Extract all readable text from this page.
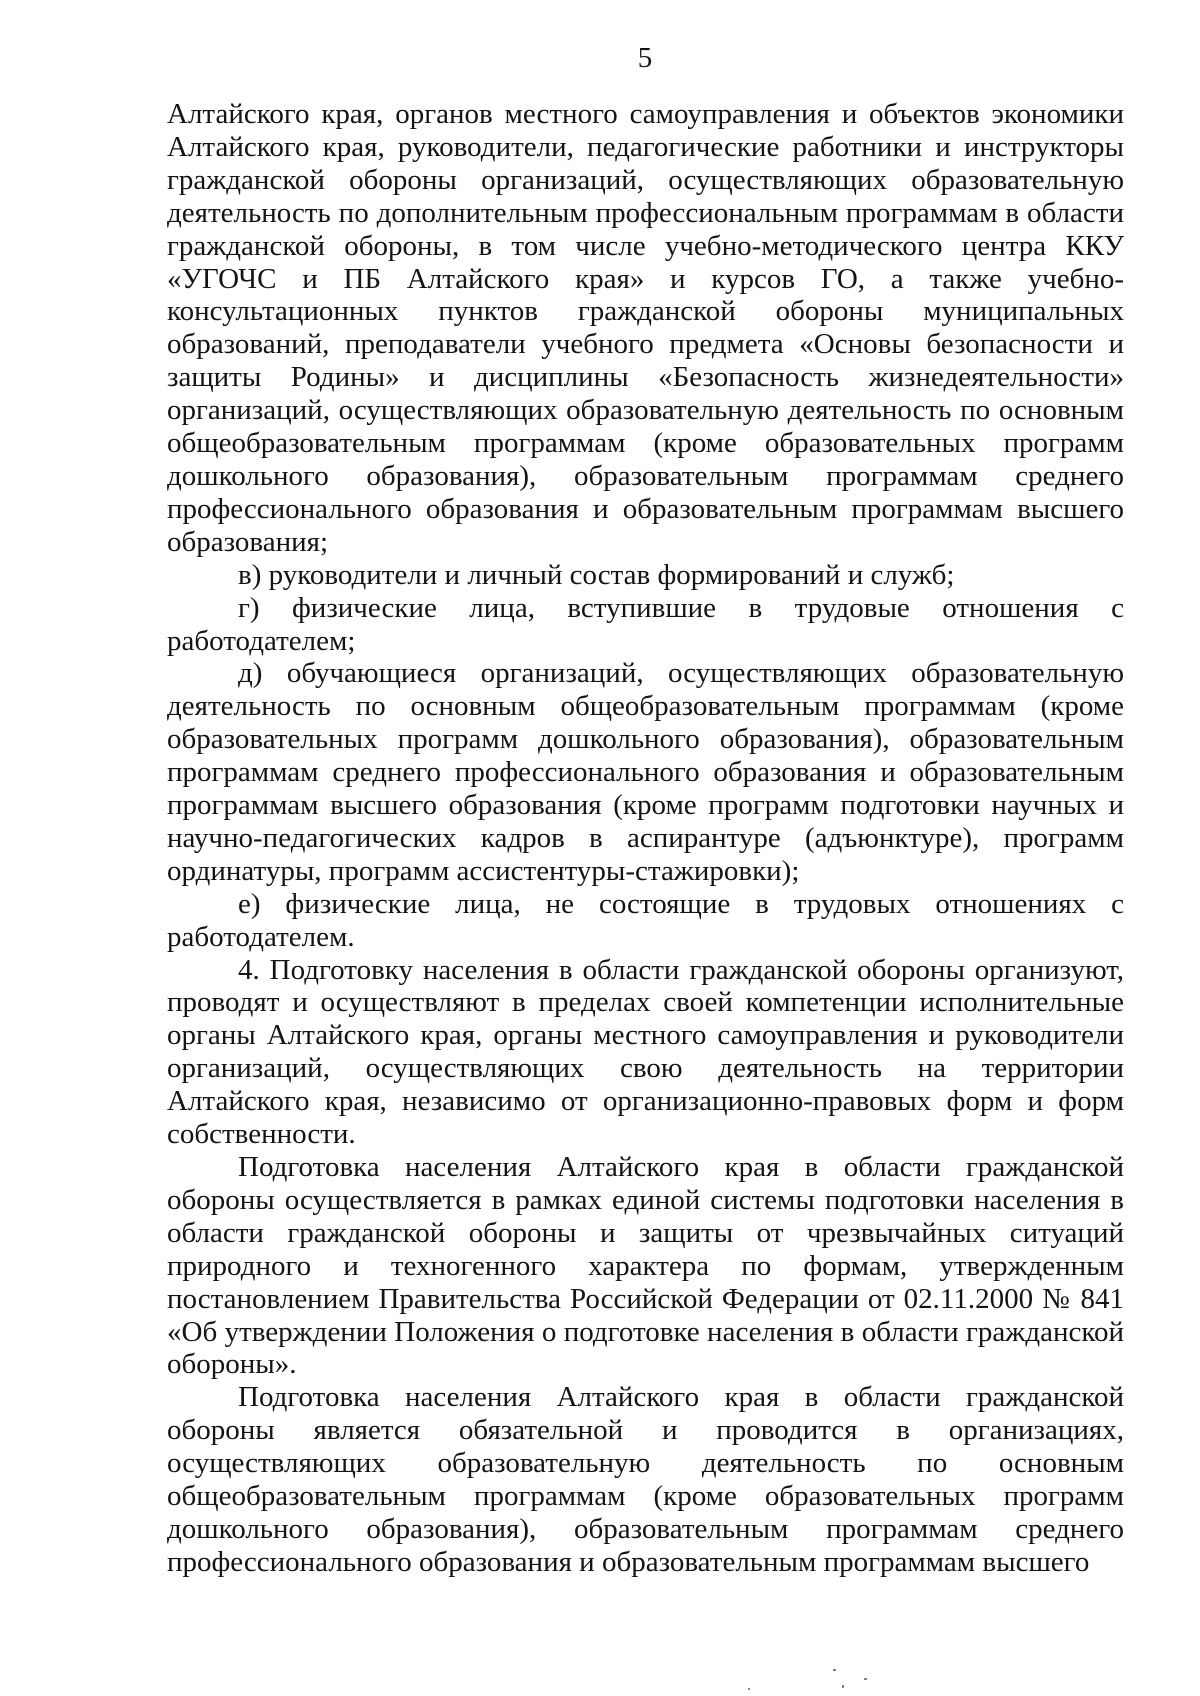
5

Алтайского края, органов местного самоуправления и объектов экономики Алтайского края, руководители, педагогические работники и инструкторы гражданской обороны организаций, осуществляющих образовательную деятельность по дополнительным профессиональным программам в области гражданской обороны, в том числе учебно-методического центра ККУ «УГОЧС и ПБ Алтайского края» и курсов ГО, а также учебно-консультационных пунктов гражданской обороны муниципальных образований, преподаватели учебного предмета «Основы безопасности и защиты Родины» и дисциплины «Безопасность жизнедеятельности» организаций, осуществляющих образовательную деятельность по основным общеобразовательным программам (кроме образовательных программ дошкольного образования), образовательным программам среднего профессионального образования и образовательным программам высшего образования;

в) руководители и личный состав формирований и служб;

г) физические лица, вступившие в трудовые отношения с работодателем;

д) обучающиеся организаций, осуществляющих образовательную деятельность по основным общеобразовательным программам (кроме образовательных программ дошкольного образования), образовательным программам среднего профессионального образования и образовательным программам высшего образования (кроме программ подготовки научных и научно-педагогических кадров в аспирантуре (адъюнктуре), программ ординатуры, программ ассистентуры-стажировки);

е) физические лица, не состоящие в трудовых отношениях с работодателем.

4. Подготовку населения в области гражданской обороны организуют, проводят и осуществляют в пределах своей компетенции исполнительные органы Алтайского края, органы местного самоуправления и руководители организаций, осуществляющих свою деятельность на территории Алтайского края, независимо от организационно-правовых форм и форм собственности.

Подготовка населения Алтайского края в области гражданской обороны осуществляется в рамках единой системы подготовки населения в области гражданской обороны и защиты от чрезвычайных ситуаций природного и техногенного характера по формам, утвержденным постановлением Правительства Российской Федерации от 02.11.2000 № 841 «Об утверждении Положения о подготовке населения в области гражданской обороны».

Подготовка населения Алтайского края в области гражданской обороны является обязательной и проводится в организациях, осуществляющих образовательную деятельность по основным общеобразовательным программам (кроме образовательных программ дошкольного образования), образовательным программам среднего профессионального образования и образовательным программам высшего
